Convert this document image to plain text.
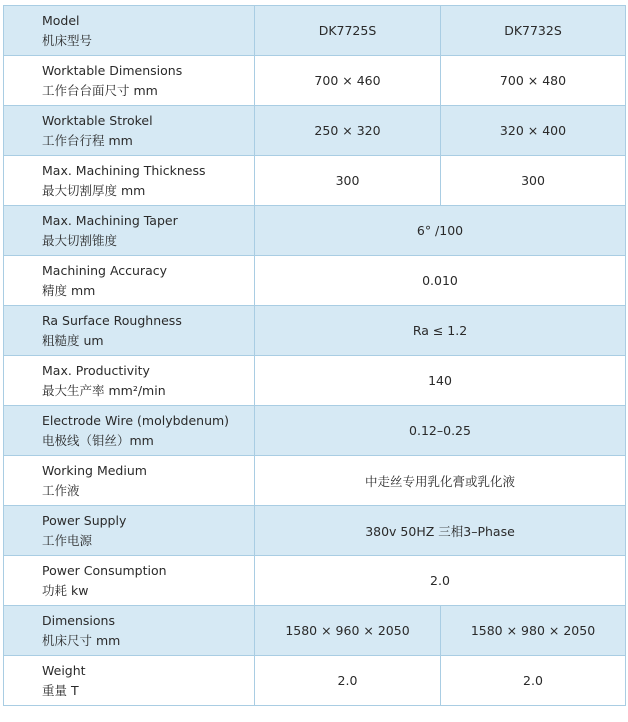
Model
机床型号	DK7725S	DK7732S

Worktable Dimensions
工作台台面尺寸 mm	700 × 460	700 × 480

Worktable Strokel
工作台行程 mm	250 × 320	320 × 400

Max. Machining Thickness
最大切割厚度 mm	300	300

Max. Machining Taper
最大切割锥度	6° /100	

Machining Accuracy
精度 mm	0.010	

Ra Surface Roughness
粗糙度 um	Ra ≤ 1.2	

Max. Productivity
最大生产率 mm²/min	140	

Electrode Wire (molybdenum)
电极线（钼丝）mm	0.12–0.25	

Working Medium
工作液	中走丝专用乳化膏或乳化液	

Power Supply
工作电源	380v 50HZ 三相3–Phase	

Power Consumption
功耗 kw	2.0	

Dimensions
机床尺寸 mm	1580 × 960 × 2050	1580 × 980 × 2050

Weight
重量 T	2.0	2.0
